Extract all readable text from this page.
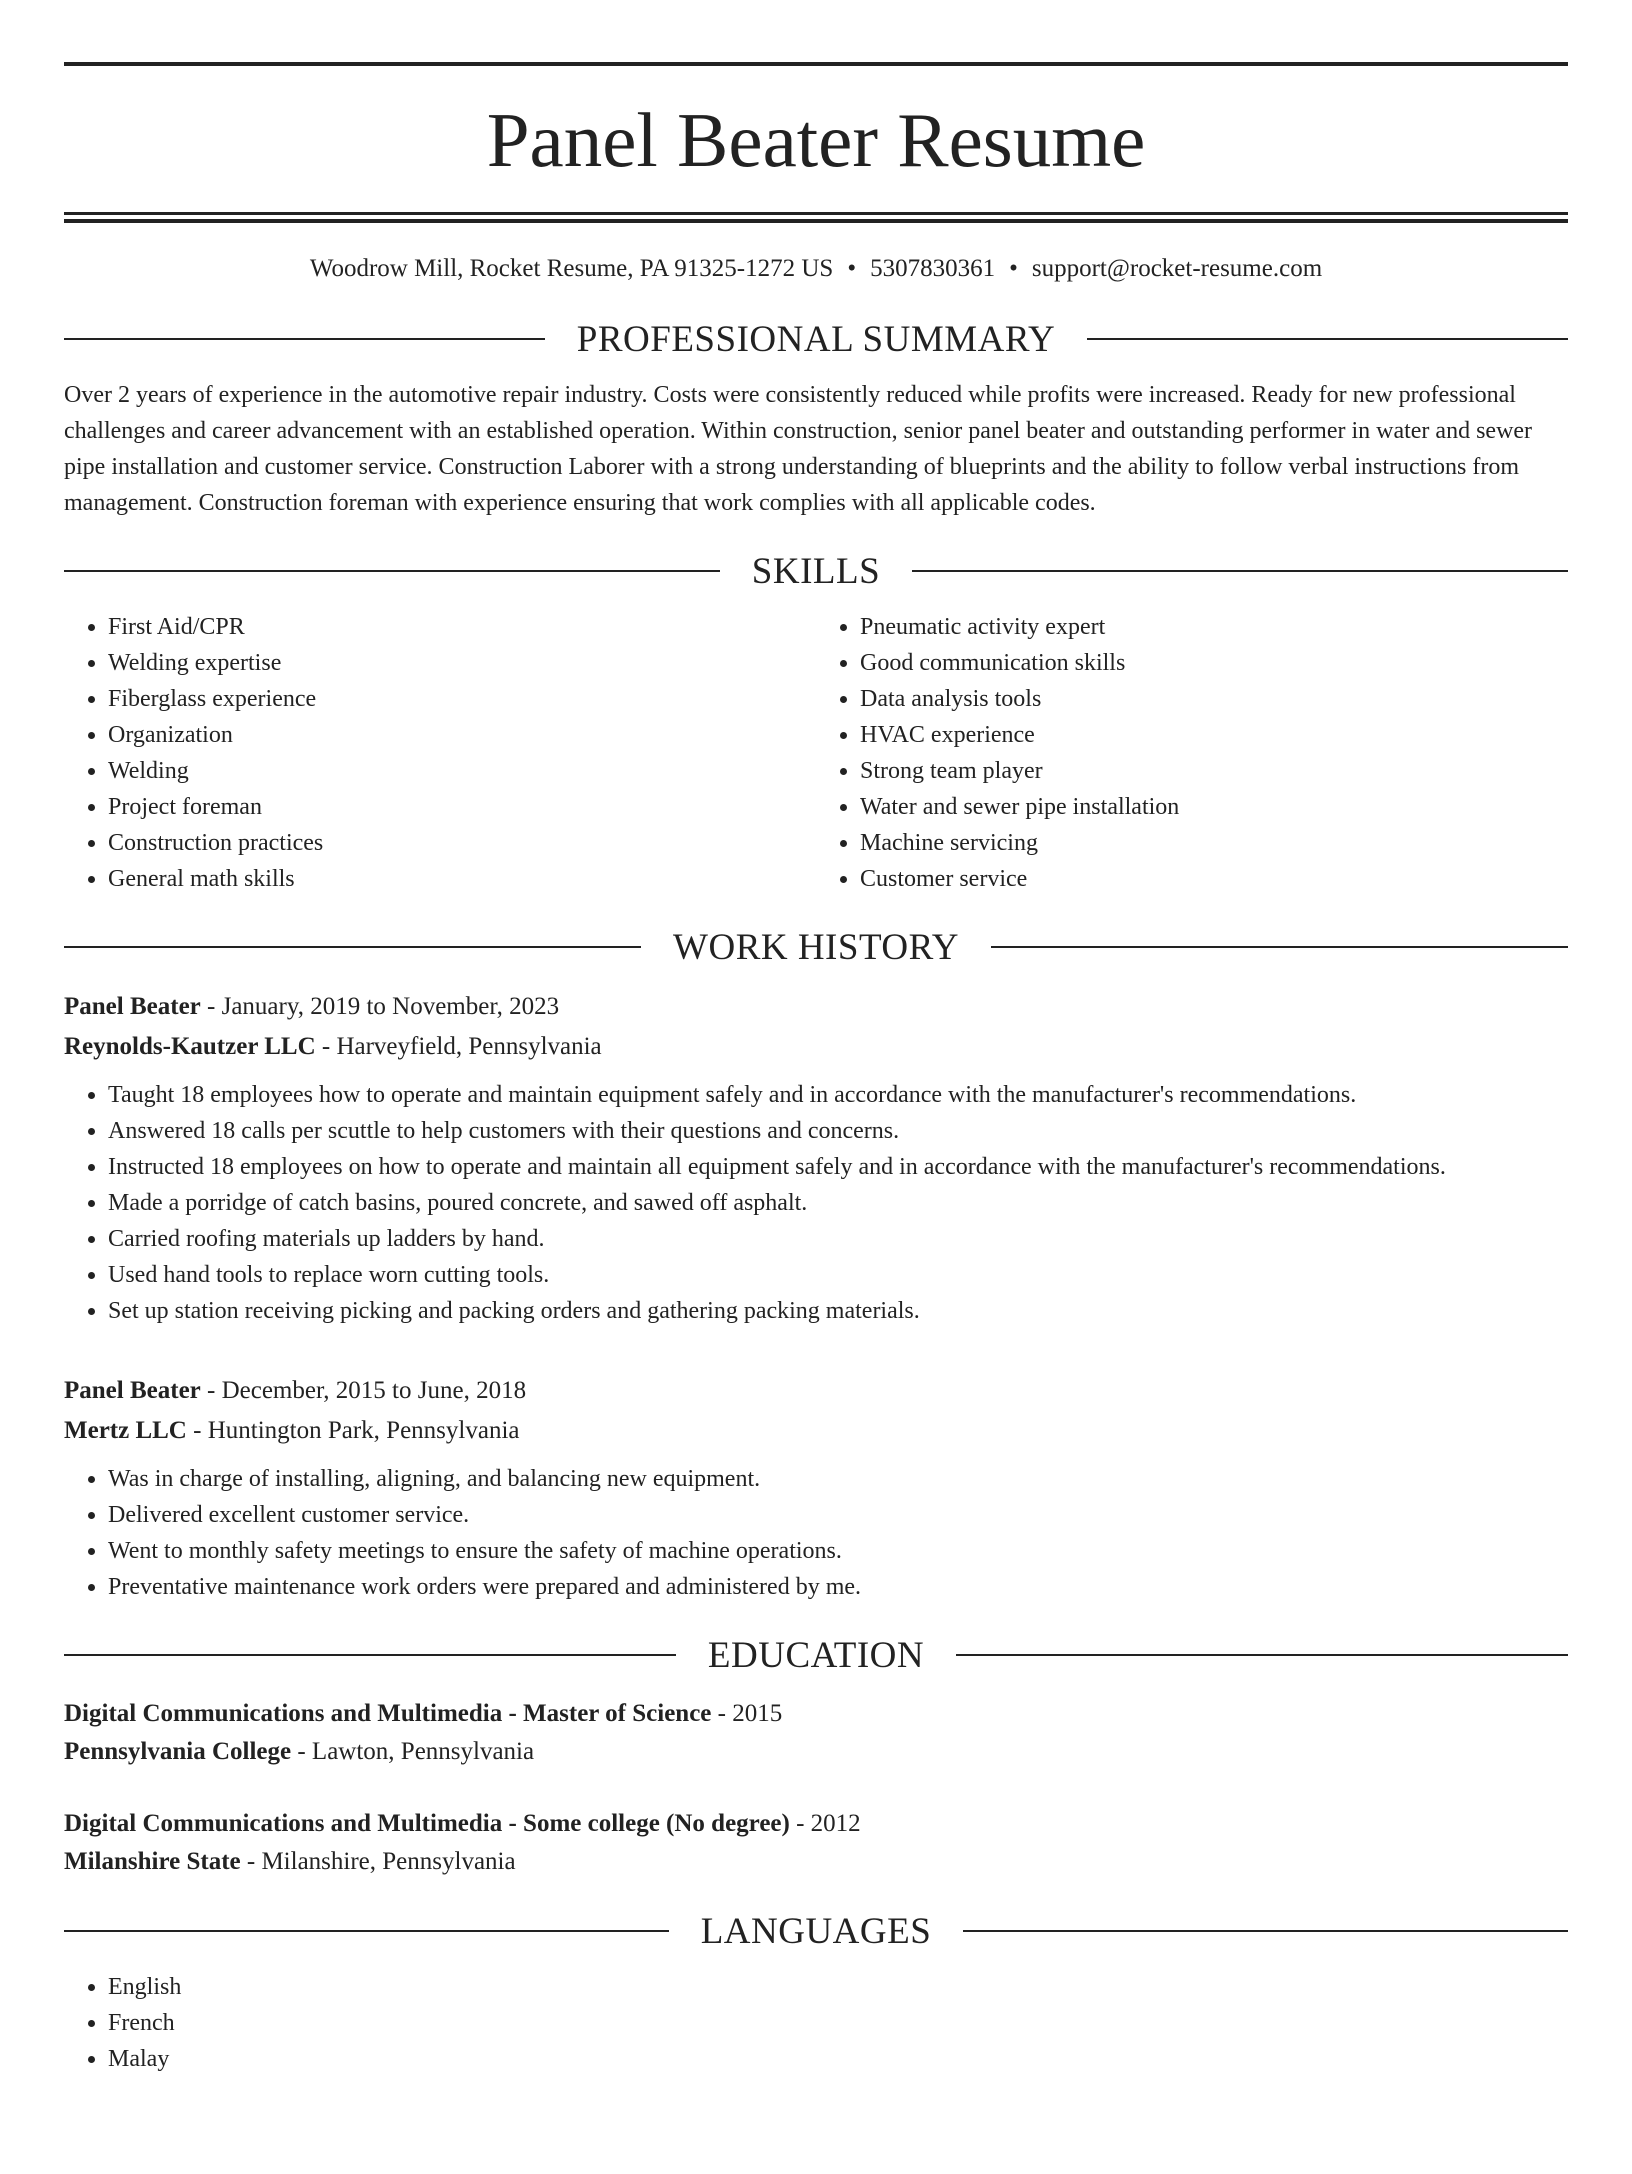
Panel Beater Resume
Woodrow Mill, Rocket Resume, PA 91325-1272 US • 5307830361 • support@rocket-resume.com
PROFESSIONAL SUMMARY

Over 2 years of experience in the automotive repair industry. Costs were consistently reduced while profits were increased. Ready for new professional challenges and career advancement with an established operation. Within construction, senior panel beater and outstanding performer in water and sewer pipe installation and customer service. Construction Laborer with a strong understanding of blueprints and the ability to follow verbal instructions from management. Construction foreman with experience ensuring that work complies with all applicable codes.

SKILLS
• First Aid/CPR
• Welding expertise
• Fiberglass experience
• Organization
• Welding
• Project foreman
• Construction practices
• General math skills
• Pneumatic activity expert
• Good communication skills
• Data analysis tools
• HVAC experience
• Strong team player
• Water and sewer pipe installation
• Machine servicing
• Customer service
WORK HISTORY
Panel Beater - January, 2019 to November, 2023
Reynolds-Kautzer LLC - Harveyfield, Pennsylvania
• Taught 18 employees how to operate and maintain equipment safely and in accordance with the manufacturer's recommendations.
• Answered 18 calls per scuttle to help customers with their questions and concerns.
• Instructed 18 employees on how to operate and maintain all equipment safely and in accordance with the manufacturer's recommendations.
• Made a porridge of catch basins, poured concrete, and sawed off asphalt.
• Carried roofing materials up ladders by hand.
• Used hand tools to replace worn cutting tools.
• Set up station receiving picking and packing orders and gathering packing materials.
Panel Beater - December, 2015 to June, 2018
Mertz LLC - Huntington Park, Pennsylvania
• Was in charge of installing, aligning, and balancing new equipment.
• Delivered excellent customer service.
• Went to monthly safety meetings to ensure the safety of machine operations.
• Preventative maintenance work orders were prepared and administered by me.
EDUCATION
Digital Communications and Multimedia - Master of Science - 2015
Pennsylvania College - Lawton, Pennsylvania
Digital Communications and Multimedia - Some college (No degree) - 2012
Milanshire State - Milanshire, Pennsylvania
LANGUAGES
• English
• French
• Malay
